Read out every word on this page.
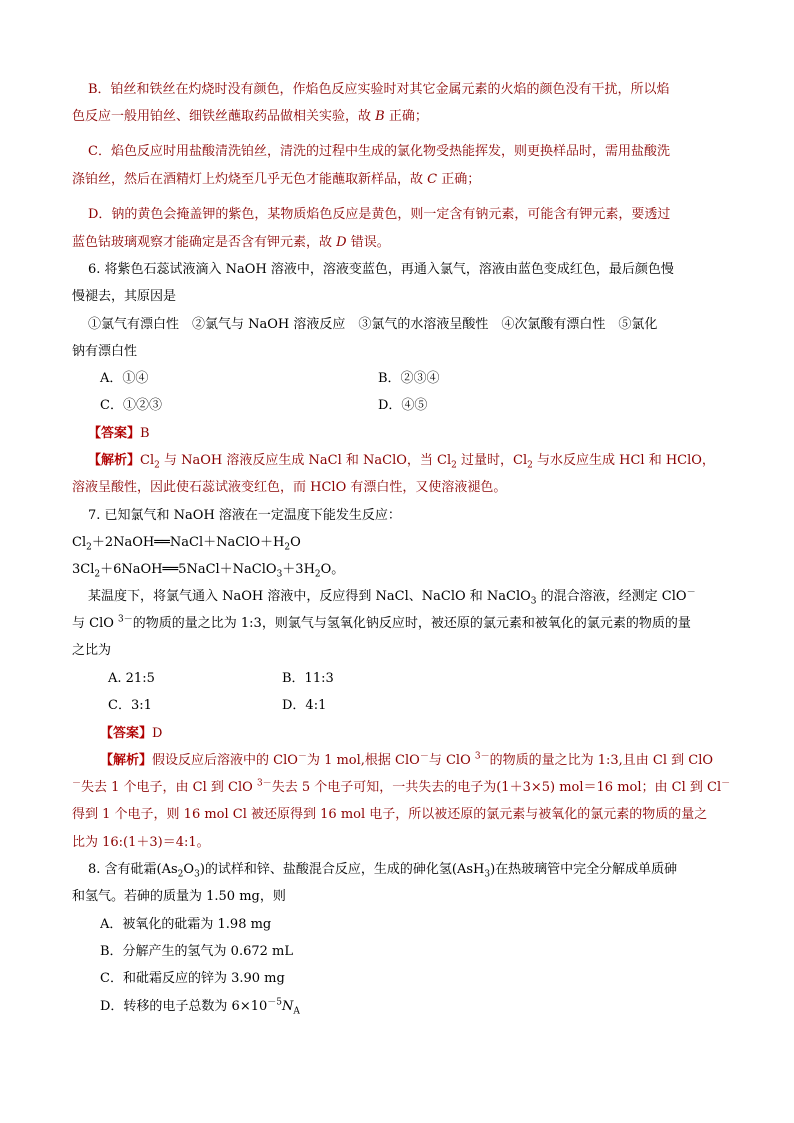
B．铂丝和铁丝在灼烧时没有颜色，作焰色反应实验时对其它金属元素的火焰的颜色没有干扰，所以焰
色反应一般用铂丝、细铁丝蘸取药品做相关实验，故 B 正确；
C．焰色反应时用盐酸清洗铂丝，清洗的过程中生成的氯化物受热能挥发，则更换样品时，需用盐酸洗
涤铂丝，然后在酒精灯上灼烧至几乎无色才能蘸取新样品，故 C 正确；
D．钠的黄色会掩盖钾的紫色，某物质焰色反应是黄色，则一定含有钠元素，可能含有钾元素，要透过
蓝色钴玻璃观察才能确定是否含有钾元素，故 D 错误。
6. 将紫色石蕊试液滴入 NaOH 溶液中，溶液变蓝色，再通入氯气，溶液由蓝色变成红色，最后颜色慢
慢褪去，其原因是
①氯气有漂白性　②氯气与 NaOH 溶液反应　③氯气的水溶液呈酸性　④次氯酸有漂白性　⑤氯化
钠有漂白性
A．①④	B．②③④
C．①②③	D．④⑤
【答案】B
【解析】$Cl_2$ 与 NaOH 溶液反应生成 NaCl 和 NaClO，当 $Cl_2$ 过量时，$Cl_2$ 与水反应生成 HCl 和 HClO，
溶液呈酸性，因此使石蕊试液变红色，而 HClO 有漂白性，又使溶液褪色。
7. 已知氯气和 NaOH 溶液在一定温度下能发生反应：
$Cl_2+2NaOH══NaCl+NaClO+H_2O$
$3Cl_2+6NaOH══5NaCl+NaClO_3+3H_2O$。
某温度下，将氯气通入 NaOH 溶液中，反应得到 NaCl、NaClO 和 NaClO$_3$ 的混合溶液，经测定 ClO－
与 ClO $^{3-}$的物质的量之比为 1:3，则氯气与氢氧化钠反应时，被还原的氯元素和被氧化的氯元素的物质的量
之比为
A. 21:5	B．11:3
C．3:1	D．4:1
【答案】D
【解析】假设反应后溶液中的 ClO－为 1 mol,根据 ClO－与 ClO $^{3-}$的物质的量之比为 1:3,且由 Cl 到 ClO
－失去 1 个电子，由 Cl 到 ClO $^{3-}$失去 5 个电子可知，一共失去的电子为(1＋3×5) mol＝16 mol；由 Cl 到 Cl－
得到 1 个电子，则 16 mol Cl 被还原得到 16 mol 电子，所以被还原的氯元素与被氧化的氯元素的物质的量之
比为 16:(1＋3)＝4:1。
8. 含有砒霜$(As_2O_3)$的试样和锌、盐酸混合反应，生成的砷化氢(AsH$_3$)在热玻璃管中完全分解成单质砷
和氢气。若砷的质量为 1.50 mg，则
A．被氧化的砒霜为 1.98 mg
B．分解产生的氢气为 0.672 mL
C．和砒霜反应的锌为 3.90 mg
D．转移的电子总数为 $6\times 10^{-5}N_A$
